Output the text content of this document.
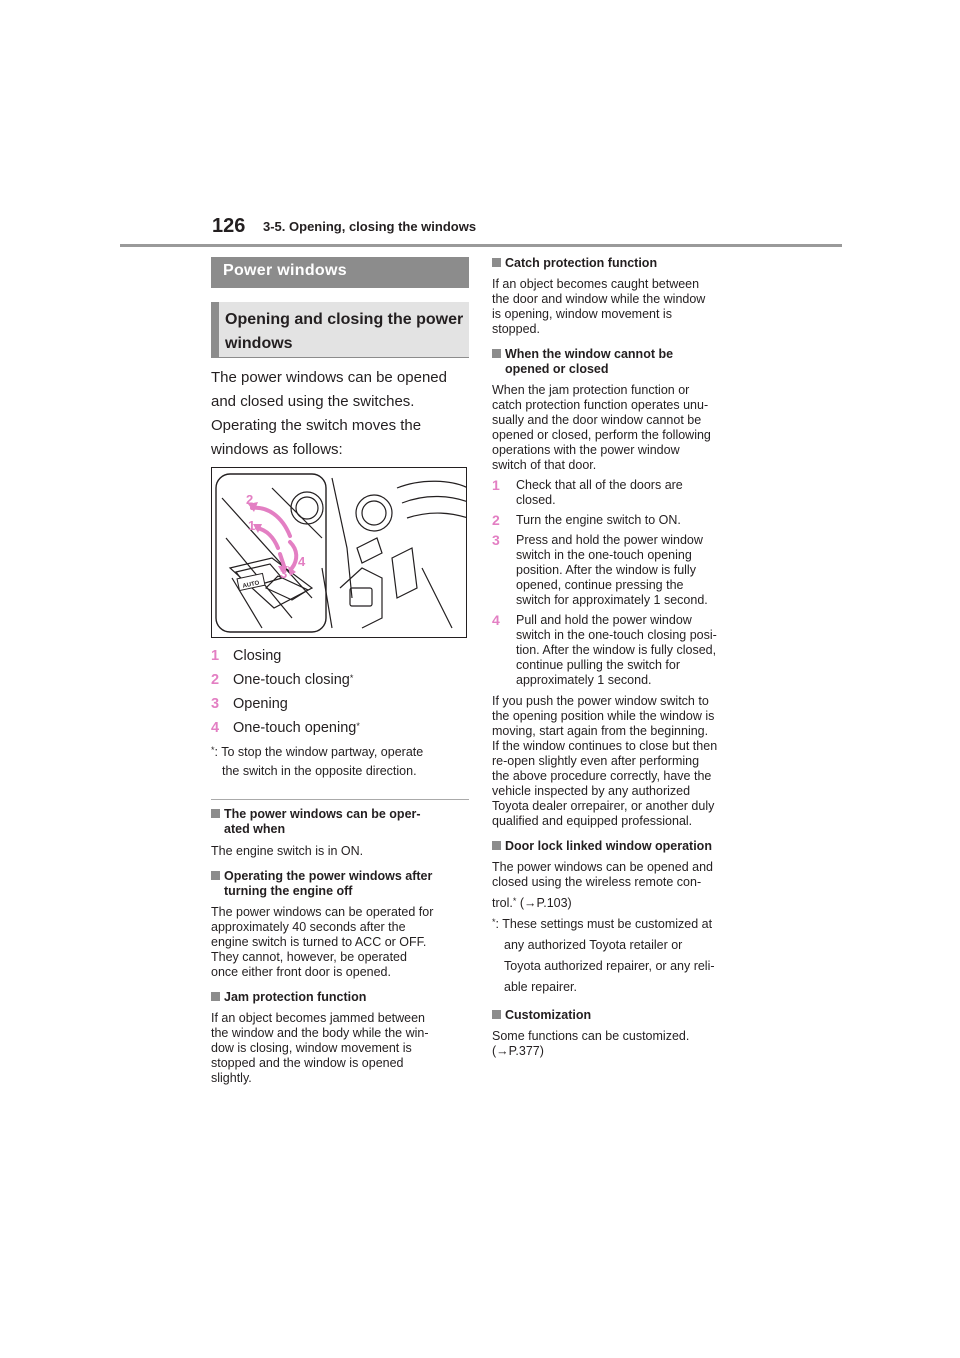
126 3-5. Opening, closing the windows
Power windows
Opening and closing the power windows

The power windows can be opened

and closed using the switches.

Operating the switch moves the

windows as follows:

AUTO
2
1
4
3
1 Closing
2 One-touch closing*
3 Opening
4 One-touch opening*

*: To stop the window partway, operate

the switch in the opposite direction.

The power windows can be oper-
ated when

The engine switch is in ON.

Operating the power windows after
turning the engine off

The power windows can be operated for
approximately 40 seconds after the
engine switch is turned to ACC or OFF.
They cannot, however, be operated
once either front door is opened.

Jam protection function

If an object becomes jammed between
the window and the body while the win-
dow is closing, window movement is
stopped and the window is opened
slightly.

Catch protection function

If an object becomes caught between
the door and window while the window
is opening, window movement is
stopped.

When the window cannot be
opened or closed

When the jam protection function or
catch protection function operates unu-
sually and the door window cannot be
opened or closed, perform the following
operations with the power window
switch of that door.

1 Check that all of the doors are
closed.
2 Turn the engine switch to ON.
3 Press and hold the power window
switch in the one-touch opening
position. After the window is fully
opened, continue pressing the
switch for approximately 1 second.
4 Pull and hold the power window
switch in the one-touch closing posi-
tion. After the window is fully closed,
continue pulling the switch for
approximately 1 second.

If you push the power window switch to
the opening position while the window is
moving, start again from the beginning.
If the window continues to close but then
re-open slightly even after performing
the above procedure correctly, have the
vehicle inspected by any authorized
Toyota dealer orrepairer, or another duly
qualified and equipped professional.

Door lock linked window operation

The power windows can be opened and
closed using the wireless remote con-

trol.* (→P.103)

*: These settings must be customized at
any authorized Toyota retailer or
Toyota authorized repairer, or any reli-
able repairer.
Customization

Some functions can be customized.
(→P.377)
